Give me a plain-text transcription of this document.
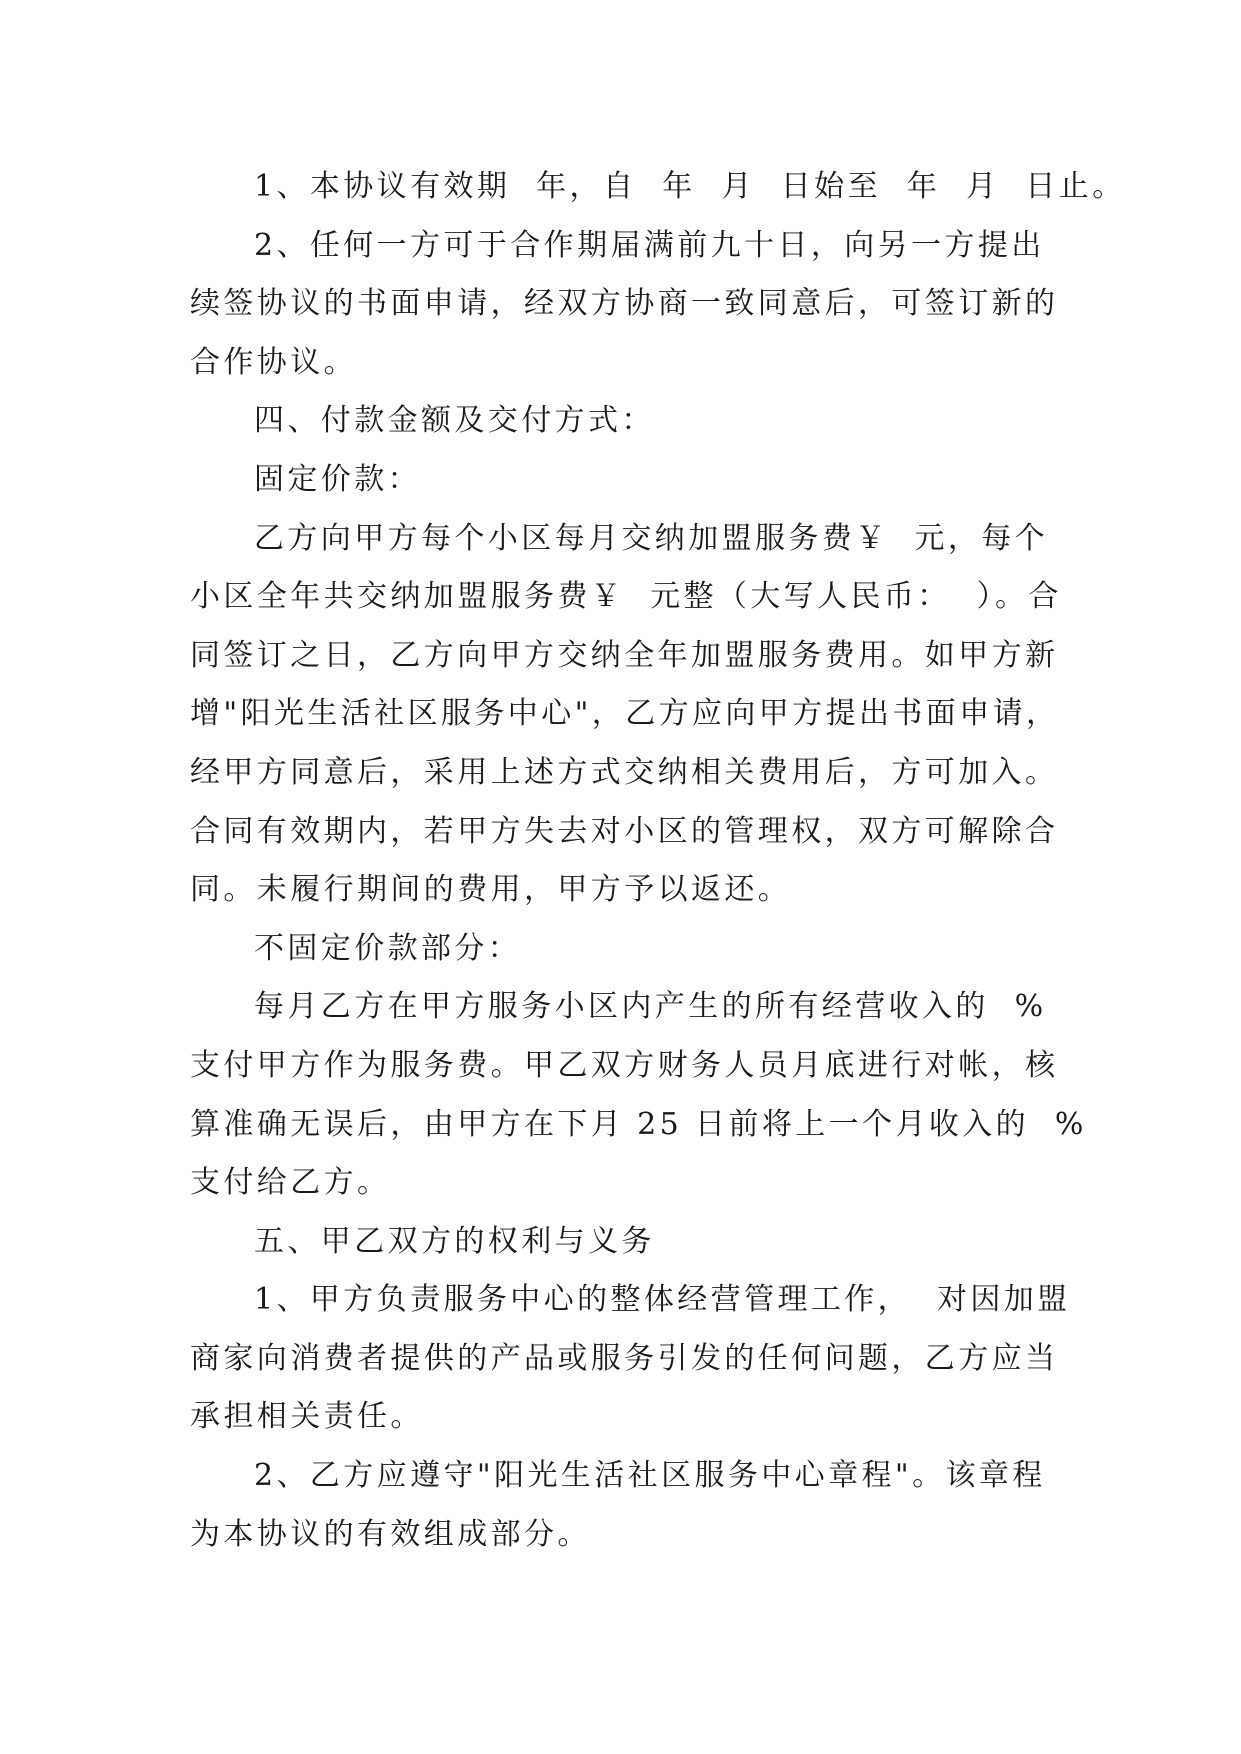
1、本协议有效期  年，自  年  月  日始至  年  月  日止。
2、任何一方可于合作期届满前九十日，向另一方提出
续签协议的书面申请，经双方协商一致同意后，可签订新的
合作协议。
四、付款金额及交付方式：
固定价款：
乙方向甲方每个小区每月交纳加盟服务费￥  元，每个
小区全年共交纳加盟服务费￥  元整（大写人民币：  ）。合
同签订之日，乙方向甲方交纳全年加盟服务费用。如甲方新
增"阳光生活社区服务中心"，乙方应向甲方提出书面申请，
经甲方同意后，采用上述方式交纳相关费用后，方可加入。
合同有效期内，若甲方失去对小区的管理权，双方可解除合
同。未履行期间的费用，甲方予以返还。
不固定价款部分：
每月乙方在甲方服务小区内产生的所有经营收入的  %
支付甲方作为服务费。甲乙双方财务人员月底进行对帐，核
算准确无误后，由甲方在下月 25 日前将上一个月收入的  %
支付给乙方。
五、甲乙双方的权利与义务
1、甲方负责服务中心的整体经营管理工作，  对因加盟
商家向消费者提供的产品或服务引发的任何问题，乙方应当
承担相关责任。
2、乙方应遵守"阳光生活社区服务中心章程"。该章程
为本协议的有效组成部分。
